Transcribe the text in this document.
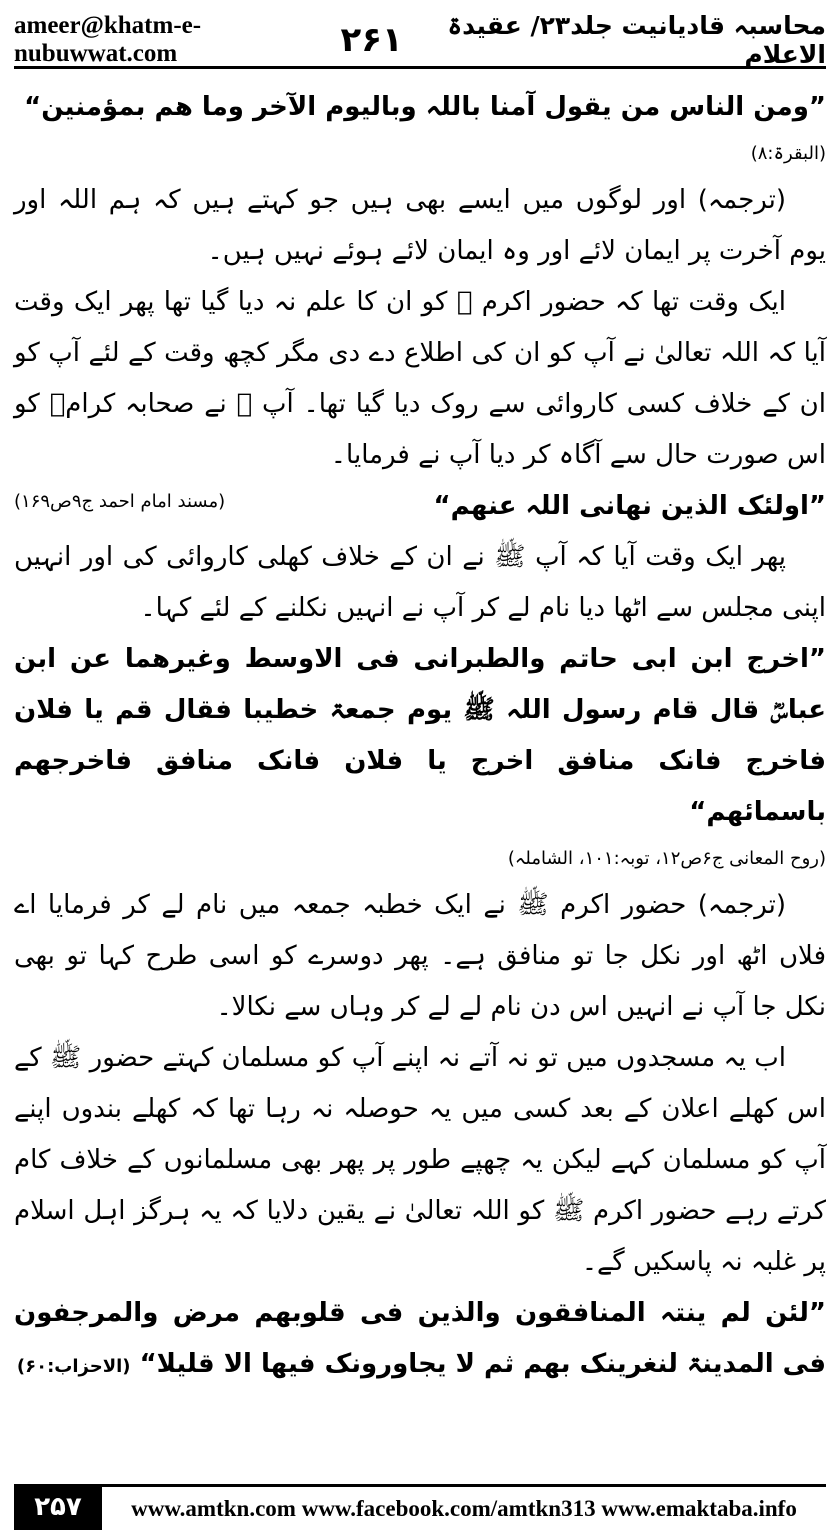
ameer@khatm-e-nubuwwat.com	۲۶۱	محاسبہ قادیانیت جلد۲۳/ عقیدۃ الاعلام

”ومن الناس من یقول آمنا باللہ وبالیوم الآخر وما ھم بمؤمنین“

(البقرۃ:۸)

(ترجمہ) اور لوگوں میں ایسے بھی ہیں جو کہتے ہیں کہ ہم اللہ اور یوم آخرت پر ایمان لائے اور وہ ایمان لائے ہوئے نہیں ہیں۔

ایک وقت تھا کہ حضور اکرم ﷺ کو ان کا علم نہ دیا گیا تھا پھر ایک وقت آیا کہ اللہ تعالیٰ نے آپ کو ان کی اطلاع دے دی مگر کچھ وقت کے لئے آپ کو ان کے خلاف کسی کاروائی سے روک دیا گیا تھا۔ آپ ﷺ نے صحابہ کرامؓ کو اس صورت حال سے آگاہ کر دیا آپ نے فرمایا۔

”اولئک الذین نھانی اللہ عنھم“
(مسند امام احمد ج۹ص۱۶۹)

پھر ایک وقت آیا کہ آپ ﷺ نے ان کے خلاف کھلی کاروائی کی اور انہیں اپنی مجلس سے اٹھا دیا نام لے کر آپ نے انہیں نکلنے کے لئے کہا۔

”اخرج ابن ابی حاتم والطبرانی فی الاوسط وغیرھما عن ابن عباسؓ قال قام رسول اللہ ﷺ یوم جمعۃ خطیبا فقال قم یا فلان فاخرج فانک منافق اخرج یا فلان فانک منافق فاخرجھم باسمائھم“

(روح المعانی ج۶ص۱۲، توبہ:۱۰۱، الشاملہ)

(ترجمہ) حضور اکرم ﷺ نے ایک خطبہ جمعہ میں نام لے کر فرمایا اے فلاں اٹھ اور نکل جا تو منافق ہے۔ پھر دوسرے کو اسی طرح کہا تو بھی نکل جا آپ نے انہیں اس دن نام لے لے کر وہاں سے نکالا۔

اب یہ مسجدوں میں تو نہ آتے نہ اپنے آپ کو مسلمان کہتے حضور ﷺ کے اس کھلے اعلان کے بعد کسی میں یہ حوصلہ نہ رہا تھا کہ کھلے بندوں اپنے آپ کو مسلمان کہے لیکن یہ چھپے طور پر پھر بھی مسلمانوں کے خلاف کام کرتے رہے حضور اکرم ﷺ کو اللہ تعالیٰ نے یقین دلایا کہ یہ ہرگز اہل اسلام پر غلبہ نہ پاسکیں گے۔

”لئن لم ینتہ المنافقون والذین فی قلوبھم مرض والمرجفون فی المدینۃ لنغرینک بھم ثم لا یجاورونک فیھا الا قلیلا“ (الاحزاب:۶۰)

۲۵۷	www.amtkn.com www.facebook.com/amtkn313 www.emaktaba.info
